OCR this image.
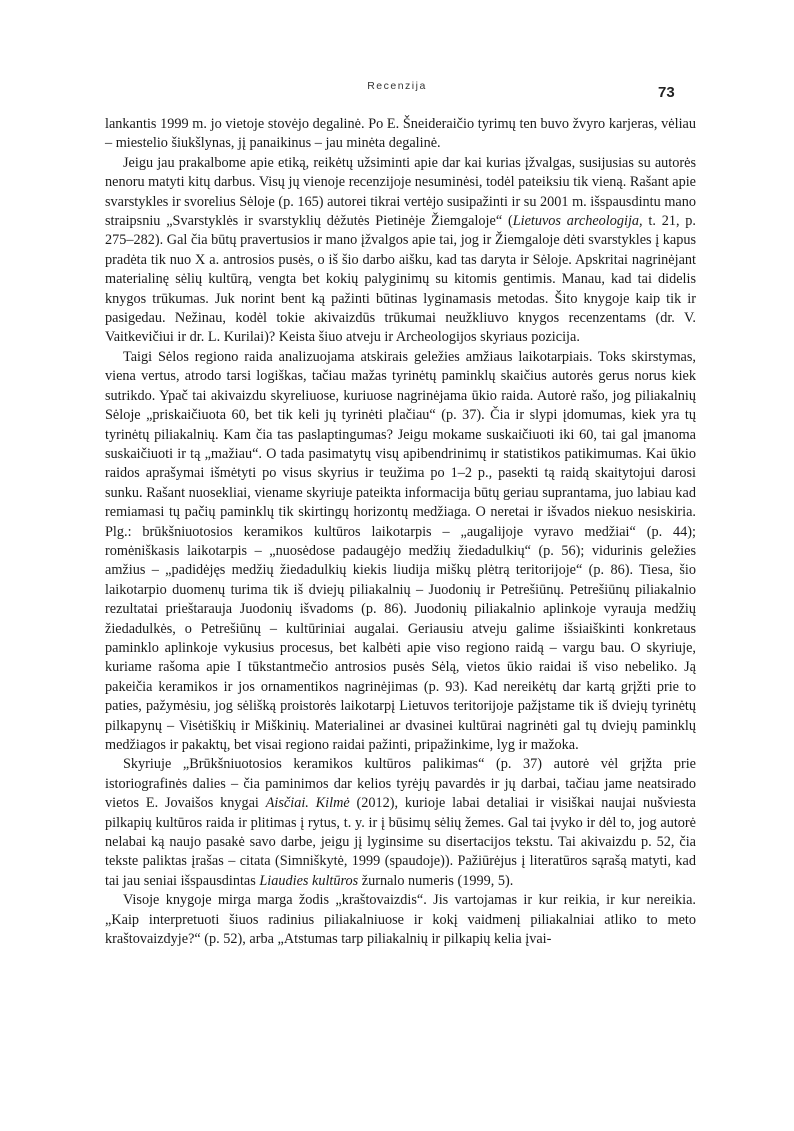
Recenzija	73

lankantis 1999 m. jo vietoje stovėjo degalinė. Po E. Šneideraičio tyrimų ten buvo žvyro karjeras, vėliau – miestelio šiukšlynas, jį panaikinus – jau minėta degalinė.

Jeigu jau prakalbome apie etiką, reikėtų užsiminti apie dar kai kurias įžvalgas, susijusias su autorės nenoru matyti kitų darbus. Visų jų vienoje recenzijoje nesuminėsi, todėl pateiksiu tik vieną. Rašant apie svarstykles ir svorelius Sėloje (p. 165) autorei tikrai vertėjo susipažinti ir su 2001 m. išspausdintu mano straipsniu „Svarstyklės ir svarstyklių dėžutės Pietinėje Žiemgaloje“ (Lietuvos archeologija, t. 21, p. 275–282). Gal čia būtų pravertusios ir mano įžvalgos apie tai, jog ir Žiemgaloje dėti svarstykles į kapus pradėta tik nuo X a. antrosios pusės, o iš šio darbo aišku, kad tas daryta ir Sėloje. Apskritai nagrinėjant materialinę sėlių kultūrą, vengta bet kokių palyginimų su kitomis gentimis. Manau, kad tai didelis knygos trūkumas. Juk norint bent ką pažinti būtinas lyginamasis metodas. Šito knygoje kaip tik ir pasigedau. Nežinau, kodėl tokie akivaizdūs trūkumai neužkliuvo knygos recenzentams (dr. V. Vaitkevičiui ir dr. L. Kurilai)? Keista šiuo atveju ir Archeologijos skyriaus pozicija.

Taigi Sėlos regiono raida analizuojama atskirais geležies amžiaus laikotarpiais. Toks skirstymas, viena vertus, atrodo tarsi logiškas, tačiau mažas tyrinėtų paminklų skaičius autorės gerus norus kiek sutrikdo. Ypač tai akivaizdu skyreliuose, kuriuose nagrinėjama ūkio raida. Autorė rašo, jog piliakalnių Sėloje „priskaičiuota 60, bet tik keli jų tyrinėti plačiau“ (p. 37). Čia ir slypi įdomumas, kiek yra tų tyrinėtų piliakalnių. Kam čia tas paslaptingumas? Jeigu mokame suskaičiuoti iki 60, tai gal įmanoma suskaičiuoti ir tą „mažiau“. O tada pasimatytų visų apibendrinimų ir statistikos patikimumas. Kai ūkio raidos aprašymai išmėtyti po visus skyrius ir teužima po 1–2 p., pasekti tą raidą skaitytojui darosi sunku. Rašant nuosekliai, viename skyriuje pateikta informacija būtų geriau suprantama, juo labiau kad remiamasi tų pačių paminklų tik skirtingų horizontų medžiaga. O neretai ir išvados niekuo nesiskiria. Plg.: brūkšniuotosios keramikos kultūros laikotarpis – „augalijoje vyravo medžiai“ (p. 44); romėniškasis laikotarpis – „nuosėdose padaugėjo medžių žiedadulkių“ (p. 56); vidurinis geležies amžius – „padidėjęs medžių žiedadulkių kiekis liudija miškų plėtrą teritorijoje“ (p. 86). Tiesa, šio laikotarpio duomenų turima tik iš dviejų piliakalnių – Juodonių ir Petrešiūnų. Petrešiūnų piliakalnio rezultatai prieštarauja Juodonių išvadoms (p. 86). Juodonių piliakalnio aplinkoje vyrauja medžių žiedadulkės, o Petrešiūnų – kultūriniai augalai. Geriausiu atveju galime išsiaiškinti konkretaus paminklo aplinkoje vykusius procesus, bet kalbėti apie viso regiono raidą – vargu bau. O skyriuje, kuriame rašoma apie I tūkstantmečio antrosios pusės Sėlą, vietos ūkio raidai iš viso nebeliko. Ją pakeičia keramikos ir jos ornamentikos nagrinėjimas (p. 93). Kad nereikėtų dar kartą grįžti prie to paties, pažymėsiu, jog sėlišką proistorės laikotarpį Lietuvos teritorijoje pažįstame tik iš dviejų tyrinėtų pilkapynų – Visėtiškių ir Miškinių. Materialinei ar dvasinei kultūrai nagrinėti gal tų dviejų paminklų medžiagos ir pakaktų, bet visai regiono raidai pažinti, pripažinkime, lyg ir mažoka.

Skyriuje „Brūkšniuotosios keramikos kultūros palikimas“ (p. 37) autorė vėl grįžta prie istoriografinės dalies – čia paminimos dar kelios tyrėjų pavardės ir jų darbai, tačiau jame neatsirado vietos E. Jovaišos knygai Aisčiai. Kilmė (2012), kurioje labai detaliai ir visiškai naujai nušviesta pilkapių kultūros raida ir plitimas į rytus, t. y. ir į būsimų sėlių žemes. Gal tai įvyko ir dėl to, jog autorė nelabai ką naujo pasakė savo darbe, jeigu jį lyginsime su disertacijos tekstu. Tai akivaizdu p. 52, čia tekste paliktas įrašas – citata (Simniškytė, 1999 (spaudoje)). Pažiūrėjus į literatūros sąrašą matyti, kad tai jau seniai išspausdintas Liaudies kultūros žurnalo numeris (1999, 5).

Visoje knygoje mirga marga žodis „kraštovaizdis“. Jis vartojamas ir kur reikia, ir kur nereikia. „Kaip interpretuoti šiuos radinius piliakalniuose ir kokį vaidmenį piliakalniai atliko to meto kraštovaizdyje?“ (p. 52), arba „Atstumas tarp piliakalnių ir pilkapių kelia įvai-
